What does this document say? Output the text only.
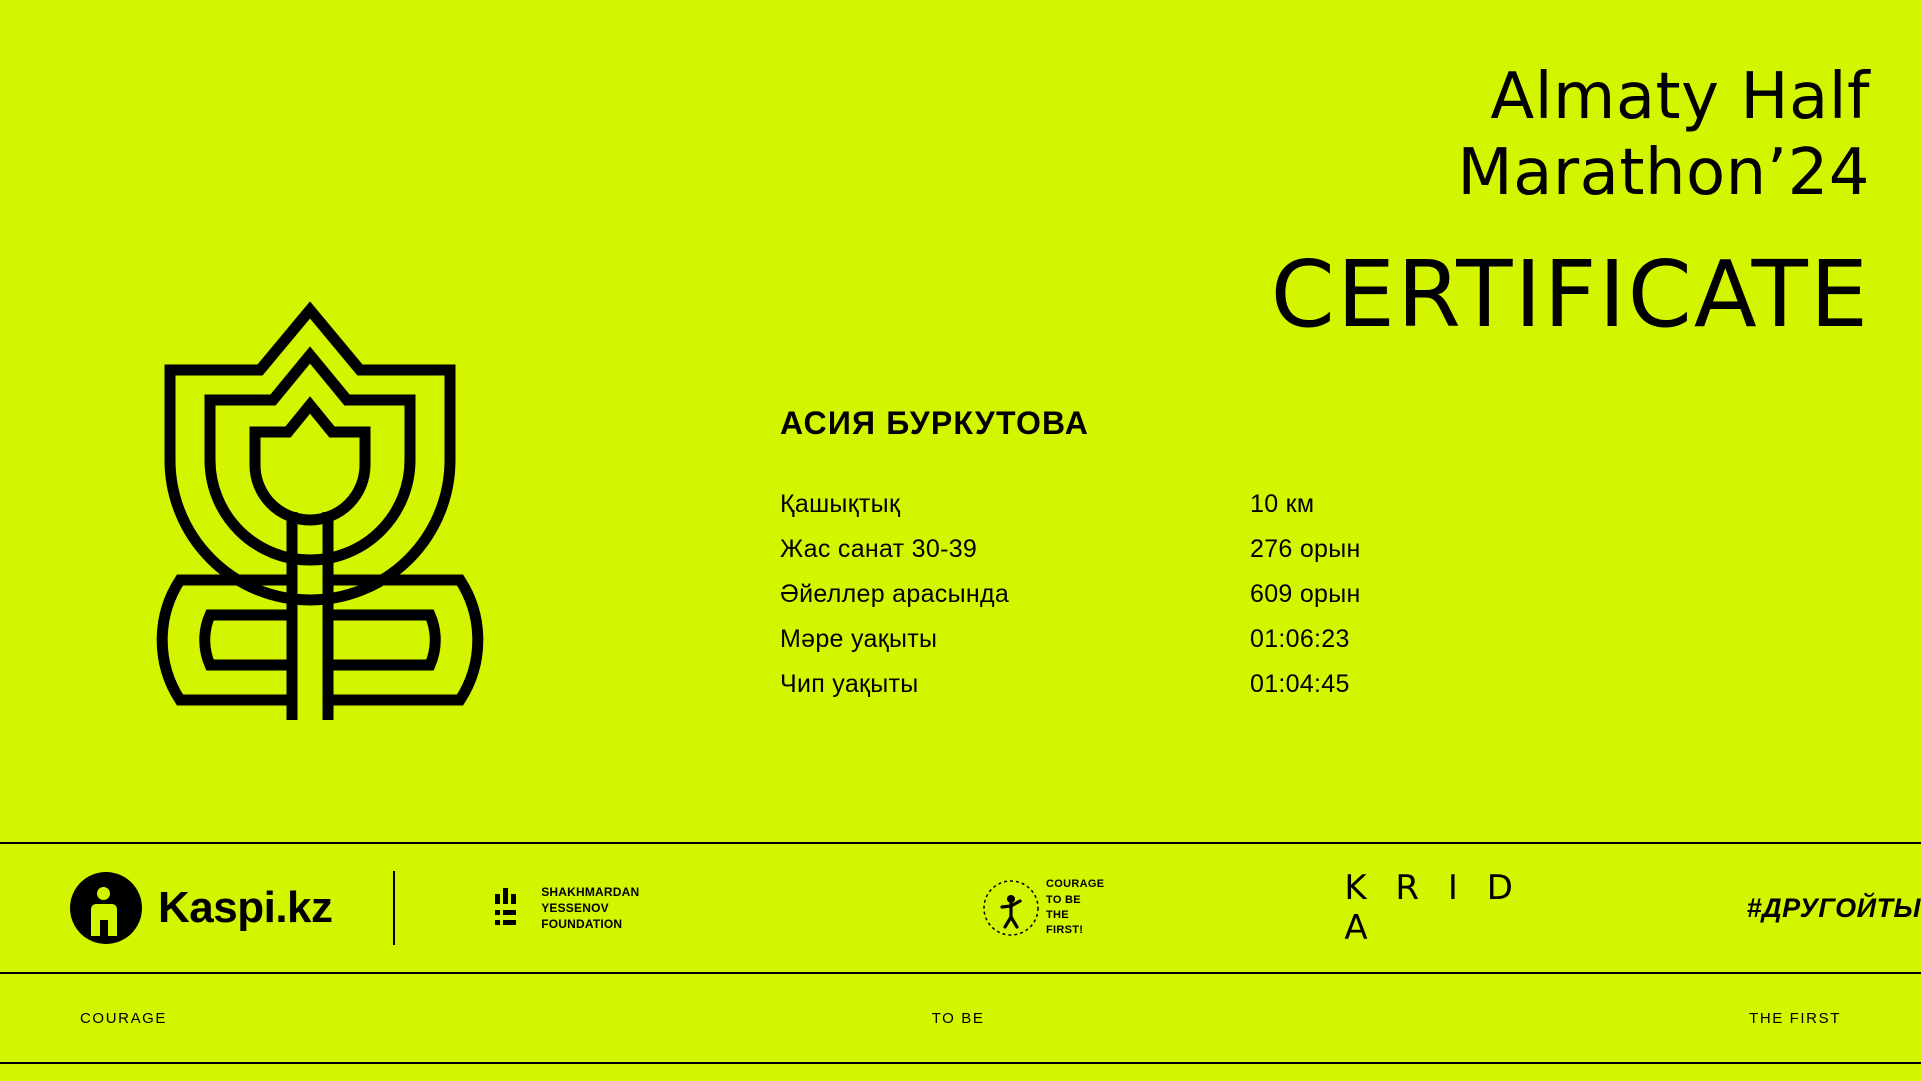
Almaty Half
Marathon’24
CERTIFICATE
АСИЯ БУРКУТОВА
Қашықтық	10 км
Жас санат 30-39	276 орын
Әйеллер арасында	609 орын
Мәре уақыты	01:06:23
Чип уақыты	01:04:45
Kaspi.kz	SHAKHMARDAN YESSENOV
FOUNDATION
COURAGE
TO BE
THE FIRST!
K R I D A
#ДРУГОЙТЫ
COURAGE	TO BE	THE FIRST
